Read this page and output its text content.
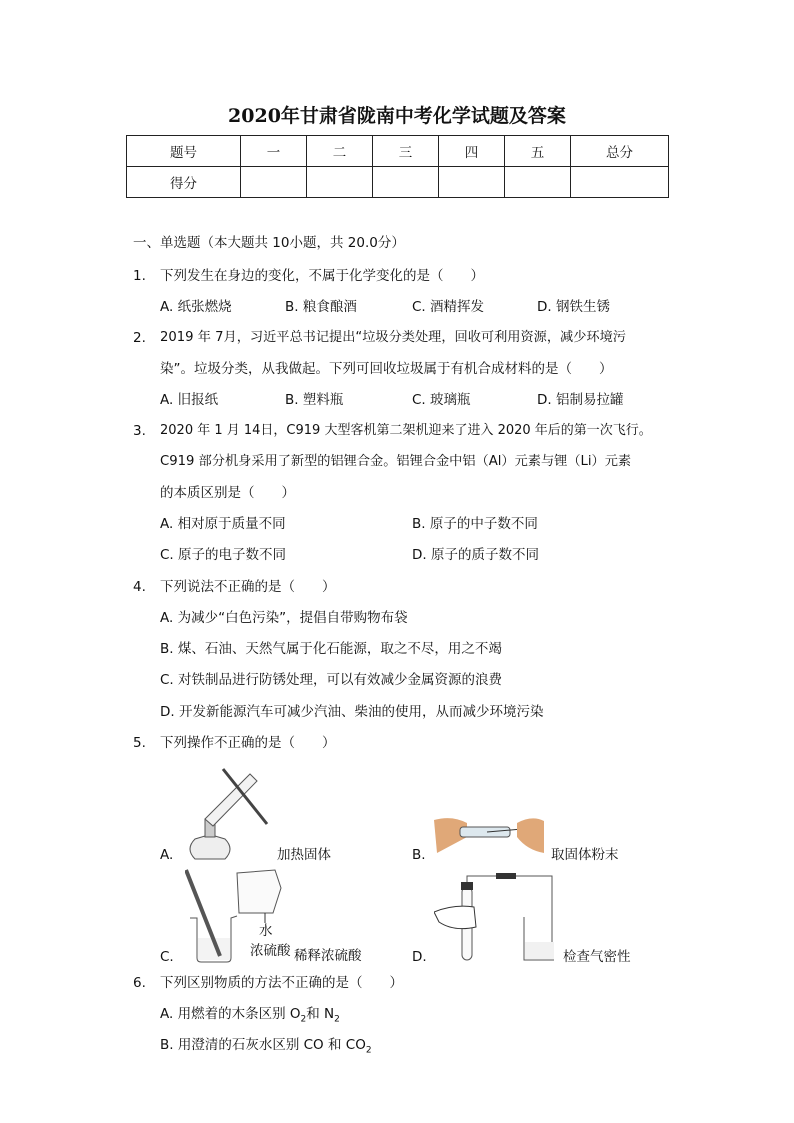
2020年甘肃省陇南中考化学试题及答案
题号	一	二	三	四	五	总分
得分						
一、单选题（本大题共 10小题，共 20.0分）
1. 下列发生在身边的变化，不属于化学变化的是（　　）
A. 纸张燃烧	B. 粮食酿酒	C. 酒精挥发	D. 钢铁生锈
2. 2019 年 7月，习近平总书记提出“垃圾分类处理，回收可利用资源，减少环境污
染”。垃圾分类，从我做起。下列可回收垃圾属于有机合成材料的是（　　）
A. 旧报纸	B. 塑料瓶	C. 玻璃瓶	D. 铝制易拉罐
3. 2020 年 1 月 14日，C919 大型客机第二架机迎来了进入 2020 年后的第一次飞行。
C919 部分机身采用了新型的铝锂合金。铝锂合金中铝（Al）元素与锂（Li）元素
的本质区别是（　　）
A. 相对原于质量不同	B. 原子的中子数不同
C. 原子的电子数不同	D. 原子的质子数不同
4. 下列说法不正确的是（　　）
A. 为减少“白色污染”，提倡自带购物布袋
B. 煤、石油、天然气属于化石能源，取之不尽，用之不竭
C. 对铁制品进行防锈处理，可以有效减少金属资源的浪费
D. 开发新能源汽车可减少汽油、柴油的使用，从而减少环境污染
5. 下列操作不正确的是（　　）
A.	加热固体	B.	取固体粉末
C.
水
浓硫酸 稀释浓硫酸	D.	检查气密性
6. 下列区别物质的方法不正确的是（　　）
A. 用燃着的木条区别 $O_2$和 $N_2$
B. 用澄清的石灰水区别 CO 和 $CO_2$
